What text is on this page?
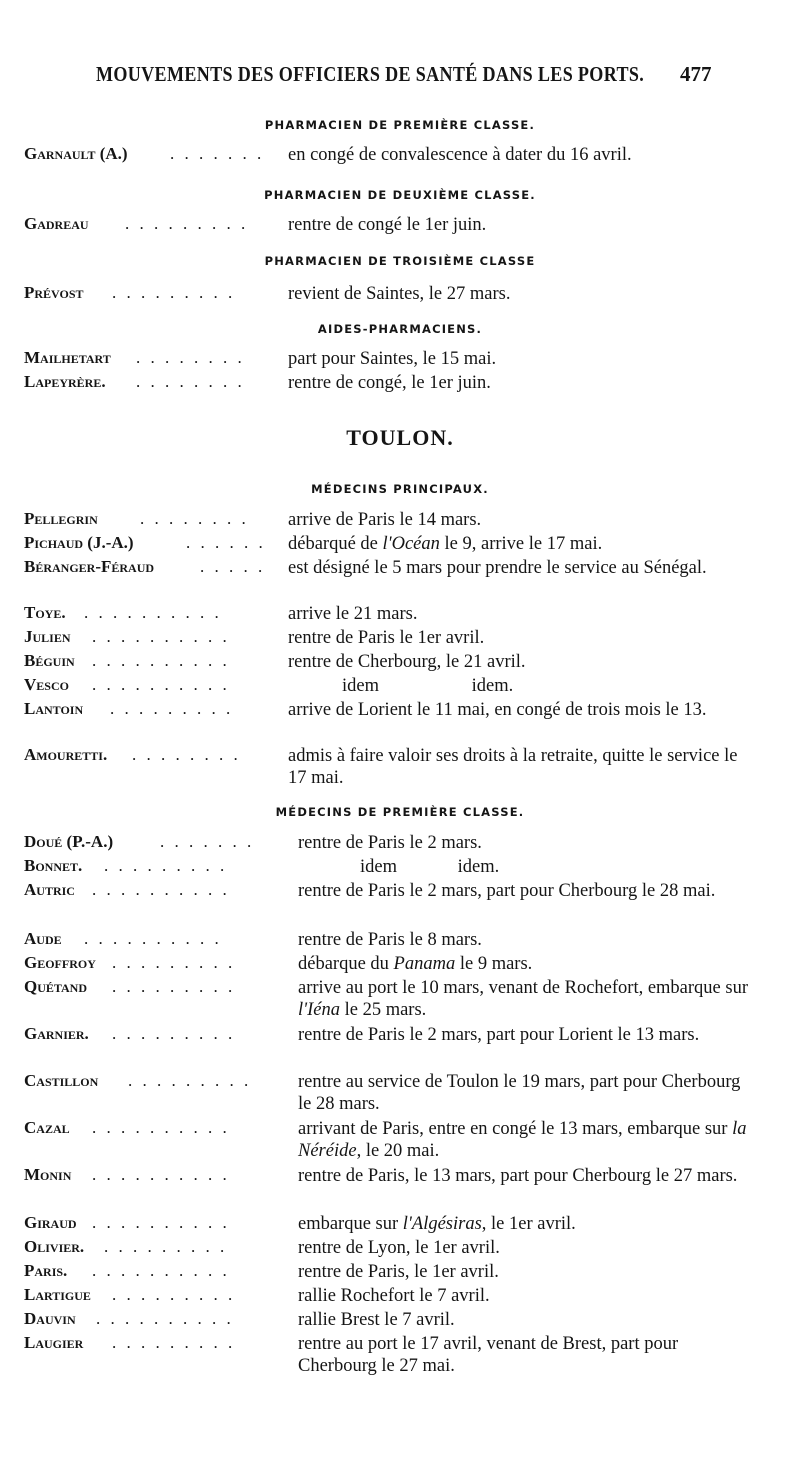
MOUVEMENTS DES OFFICIERS DE SANTÉ DANS LES PORTS. 477
PHARMACIEN DE PREMIÈRE CLASSE.
Garnault (A.) . . . . . . . en congé de convalescence à dater du 16 avril.
PHARMACIEN DE DEUXIÈME CLASSE.
Gadreau . . . . . . . . . rentre de congé le 1er juin.
PHARMACIEN DE TROISIÈME CLASSE
Prévost . . . . . . . . .	revient de Saintes, le 27 mars.
AIDES-PHARMACIENS.
Mailhetart . . . . . . . . part pour Saintes, le 15 mai.
Lapeyrère. . . . . . . . . rentre de congé, le 1er juin.
TOULON.
MÉDECINS PRINCIPAUX.
Pellegrin . . . . . . . . arrive de Paris le 14 mars.
Pichaud (J.-A.)	. . . . . . débarqué de l'Océan le 9, arrive le 17 mai.
Béranger-Féraud	. . . . . est désigné le 5 mars pour prendre le service au Sénégal.
Toye. . . . . . . . . . .	arrive le 21 mars.
Julien . . . . . . . . . .	rentre de Paris le 1er avril.
Béguin . . . . . . . . . .	rentre de Cherbourg, le 21 avril.
Vesco . . . . . . . . . .	idem idem.
Lantoin . . . . . . . . .	arrive de Lorient le 11 mai, en congé de trois mois le 13.
Amouretti. . . . . . . . .	admis à faire valoir ses droits à la retraite, quitte le service le 17 mai.
MÉDECINS DE PREMIÈRE CLASSE.
Doué (P.-A.)	. . . . . . . rentre de Paris le 2 mars.
Bonnet. . . . . . . . . .	idem idem.
Autric . . . . . . . . . .	rentre de Paris le 2 mars, part pour Cherbourg le 28 mai.
Aude . . . . . . . . . .	rentre de Paris le 8 mars.
Geoffroy . . . . . . . . .	débarque du Panama le 9 mars.
Quétand . . . . . . . . .	arrive au port le 10 mars, venant de Rochefort, embarque sur l'Iéna le 25 mars.
Garnier. . . . . . . . . .	rentre de Paris le 2 mars, part pour Lorient le 13 mars.
Castillon . . . . . . . . .	rentre au service de Toulon le 19 mars, part pour Cherbourg le 28 mars.
Cazal . . . . . . . . . .	arrivant de Paris, entre en congé le 13 mars, embarque sur la Néréide, le 20 mai.
Monin . . . . . . . . . .	rentre de Paris, le 13 mars, part pour Cherbourg le 27 mars.
Giraud . . . . . . . . . .	embarque sur l'Algésiras, le 1er avril.
Olivier. . . . . . . . . .	rentre de Lyon, le 1er avril.
Paris. . . . . . . . . . .	rentre de Paris, le 1er avril.
Lartigue . . . . . . . . .	rallie Rochefort le 7 avril.
Dauvin . . . . . . . . . .	rallie Brest le 7 avril.
Laugier . . . . . . . . .	rentre au port le 17 avril, venant de Brest, part pour Cherbourg le 27 mai.
